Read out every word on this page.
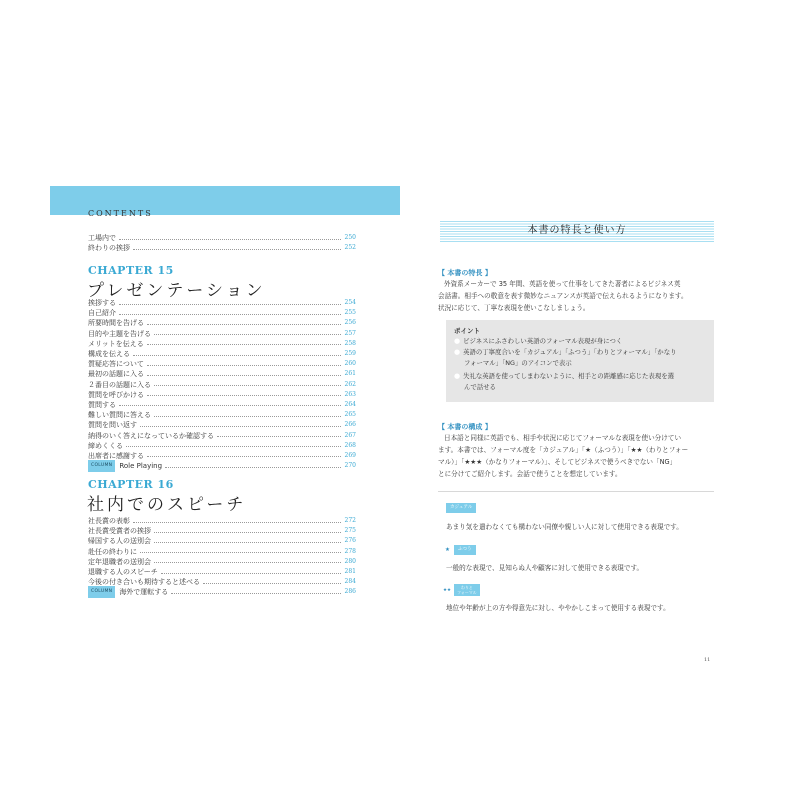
CONTENTS
工場内で	250
終わりの挨拶	252
CHAPTER 15
プレゼンテーション
挨拶する	254
自己紹介	255
所要時間を告げる	256
目的や主題を告げる	257
メリットを伝える	258
構成を伝える	259
質疑応答について	260
最初の話題に入る	261
２番目の話題に入る	262
質問を呼びかける	263
質問する	264
難しい質問に答える	265
質問を問い返す	266
納得のいく答えになっているか確認する	267
締めくくる	268
出席者に感謝する	269
COLUMN Role Playing	270
CHAPTER 16
社内でのスピーチ
社長賞の表彰	272
社長賞受賞者の挨拶	275
帰国する人の送別会	276
赴任の終わりに	278
定年退職者の送別会	280
退職する人のスピーチ	281
今後の付き合いも期待すると述べる	284
COLUMN 海外で運転する	286
本書の特長と使い方
【 本書の特長 】
外資系メーカーで 35 年間、英語を使って仕事をしてきた著者によるビジネス英
会話書。相手への敬意を表す微妙なニュアンスが英語で伝えられるようになります。
状況に応じて、丁寧な表現を使いこなしましょう。
ポイント
● ビジネスにふさわしい英語のフォーマル表現が身につく
● 英語の丁寧度合いを「カジュアル」「ふつう」「わりとフォーマル」「かなり
フォーマル」「NG」のアイコンで表示
● 失礼な英語を使ってしまわないように、相手との距離感に応じた表現を選
んで話せる
【 本書の構成 】
日本語と同様に英語でも、相手や状況に応じてフォーマルな表現を使い分けてい
ます。本書では、フォーマル度を「カジュアル」「★（ふつう）」「★★（わりとフォー
マル）」「★★★（かなりフォーマル）」、そしてビジネスで使うべきでない「NG」
とに分けてご紹介します。会話で使うことを想定しています。
カジュアル
あまり気を遣わなくても構わない同僚や親しい人に対して使用できる表現です。
★	ふつう
一般的な表現で、見知らぬ人や顧客に対して使用できる表現です。
★★
わりと
フォーマル
地位や年齢が上の方や得意先に対し、ややかしこまって使用する表現です。
11
